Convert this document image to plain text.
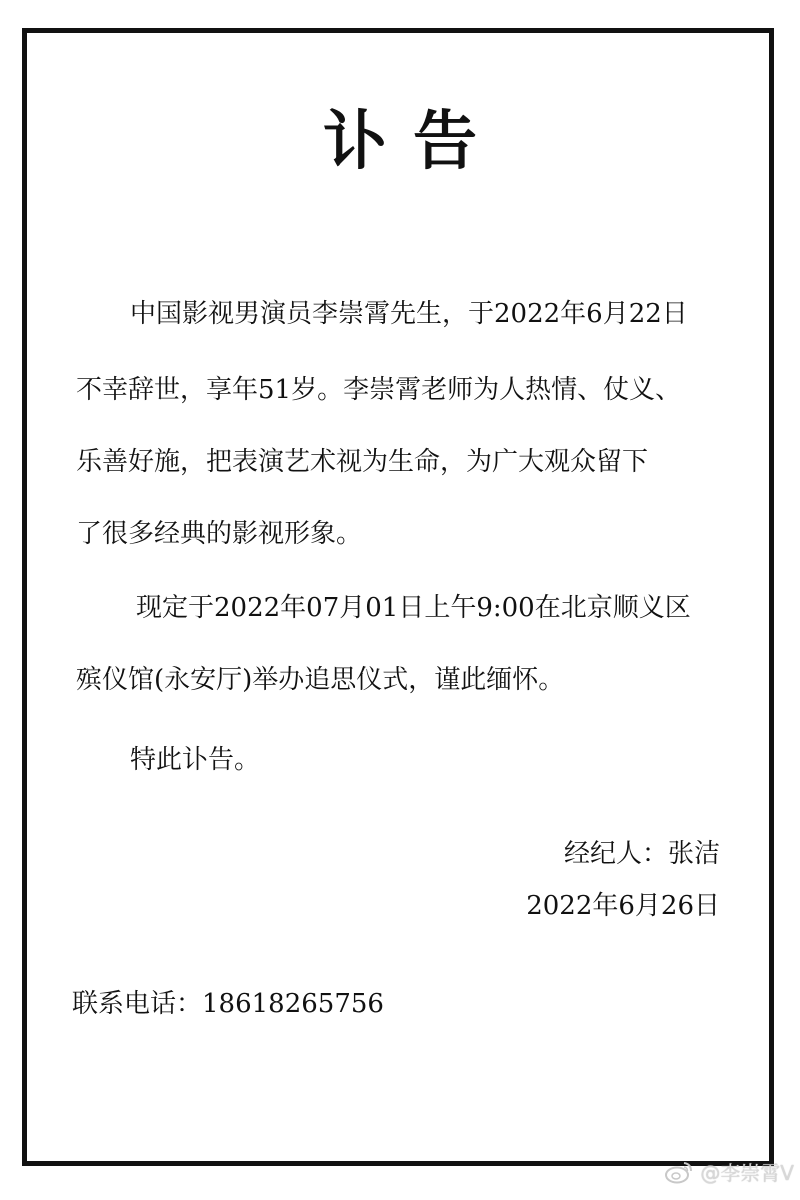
讣告
中国影视男演员李崇霄先生，于2022年6月22日
不幸辞世，享年51岁。李崇霄老师为人热情、仗义、
乐善好施，把表演艺术视为生命，为广大观众留下
了很多经典的影视形象。
现定于2022年07月01日上午9:00在北京顺义区
殡仪馆(永安厅)举办追思仪式，谨此缅怀。
特此讣告。
经纪人：张洁
2022年6月26日
联系电话：18618265756
@李崇霄V
